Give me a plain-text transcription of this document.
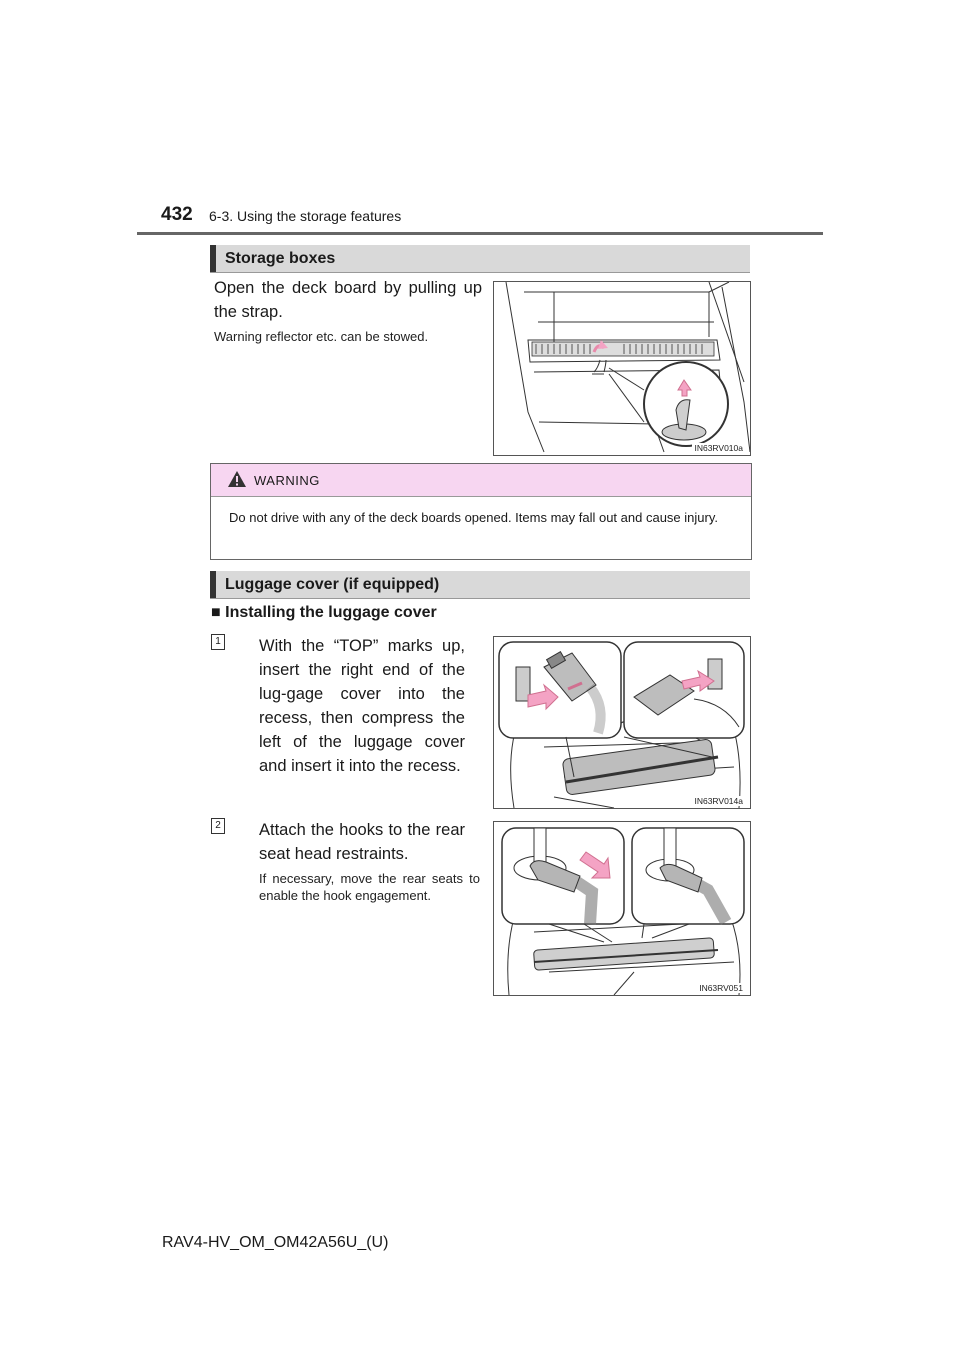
432 6-3. Using the storage features
Storage boxes
Open the deck board by pulling up the strap.
Warning reflector etc. can be stowed.
IN63RV010a
WARNING
Do not drive with any of the deck boards opened. Items may fall out and cause injury.
Luggage cover (if equipped)
■ Installing the luggage cover
1 With the “TOP” marks up, insert the right end of the lug-gage cover into the recess, then compress the left of the luggage cover and insert it into the recess.
IN63RV014a
2 Attach the hooks to the rear seat head restraints.
If necessary, move the rear seats to enable the hook engagement.
IN63RV051
RAV4-HV_OM_OM42A56U_(U)
